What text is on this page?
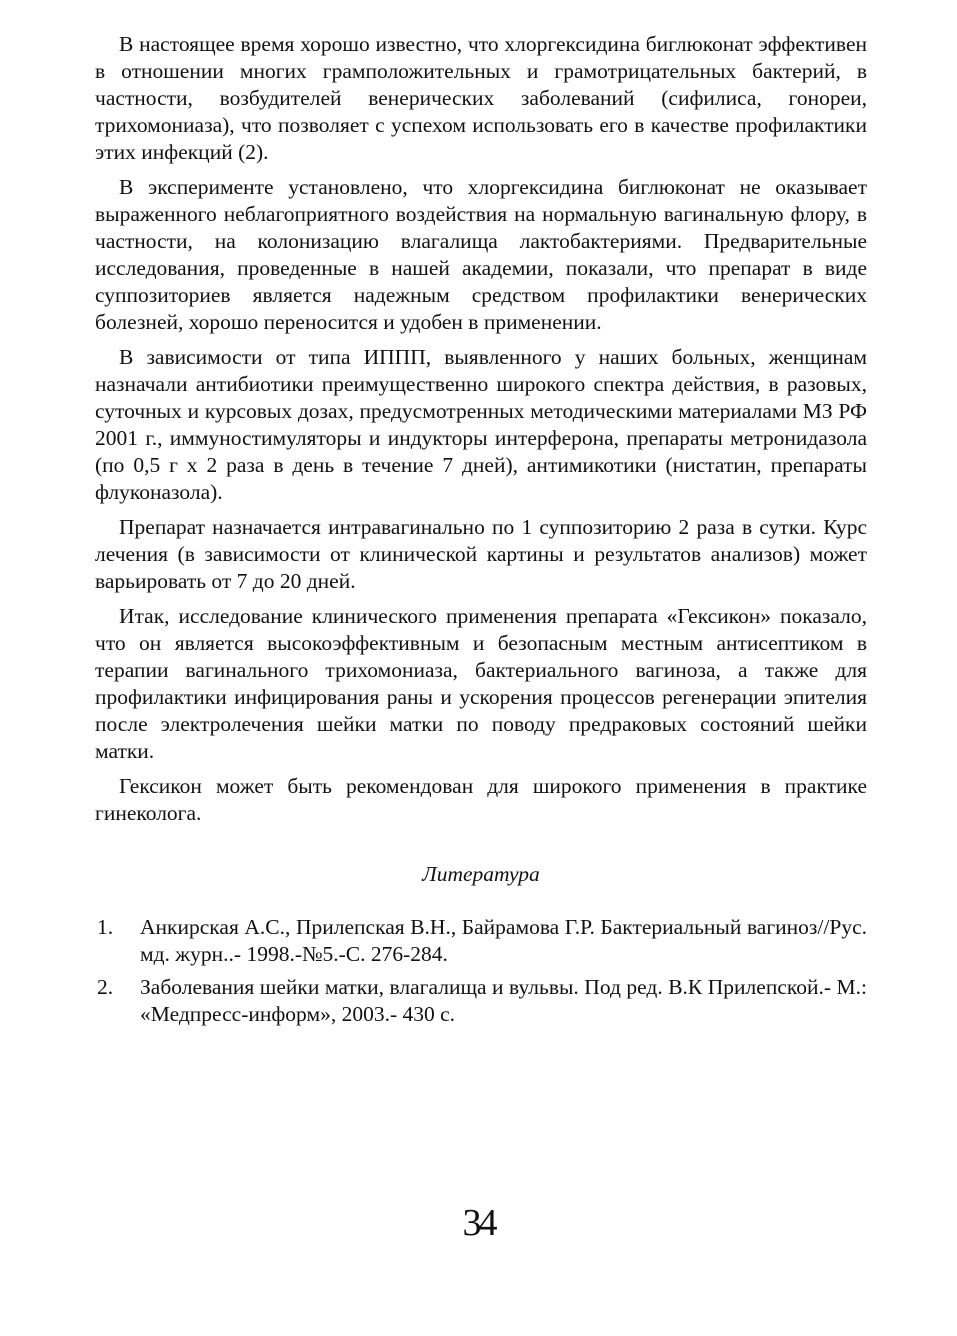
В настоящее время хорошо известно, что хлоргексидина биглюконат эффективен в отношении многих грамположительных и грамотрицательных бактерий, в частности, возбудителей венерических заболеваний (сифилиса, гонореи, трихомониаза), что позволяет с успехом использовать его в качестве профилактики этих инфекций (2).

В эксперименте установлено, что хлоргексидина биглюконат не оказывает выраженного неблагоприятного воздействия на нормальную вагинальную флору, в частности, на колонизацию влагалища лактобактериями. Предварительные исследования, проведенные в нашей академии, показали, что препарат в виде суппозиториев является надежным средством профилактики венерических болезней, хорошо переносится и удобен в применении.

В зависимости от типа ИППП, выявленного у наших больных, женщинам назначали антибиотики преимущественно широкого спектра действия, в разовых, суточных и курсовых дозах, предусмотренных методическими материалами МЗ РФ 2001 г., иммуностимуляторы и индукторы интерферона, препараты метронидазола (по 0,5 г х 2 раза в день в течение 7 дней), антимикотики (нистатин, препараты флуконазола).

Препарат назначается интравагинально по 1 суппозиторию 2 раза в сутки. Курс лечения (в зависимости от клинической картины и результатов анализов) может варьировать от 7 до 20 дней.

Итак, исследование клинического применения препарата «Гексикон» показало, что он является высокоэффективным и безопасным местным антисептиком в терапии вагинального трихомониаза, бактериального вагиноза, а также для профилактики инфицирования раны и ускорения процессов регенерации эпителия после электролечения шейки матки по поводу предраковых состояний шейки матки.

Гексикон может быть рекомендован для широкого применения в практике гинеколога.

Литература
1. Анкирская А.С., Прилепская В.Н., Байрамова Г.Р. Бактериальный вагиноз//Рус. мд. журн..- 1998.-№5.-С. 276-284.
2. Заболевания шейки матки, влагалища и вульвы. Под ред. В.К Прилепской.- М.: «Медпресс-информ», 2003.- 430 с.
34
